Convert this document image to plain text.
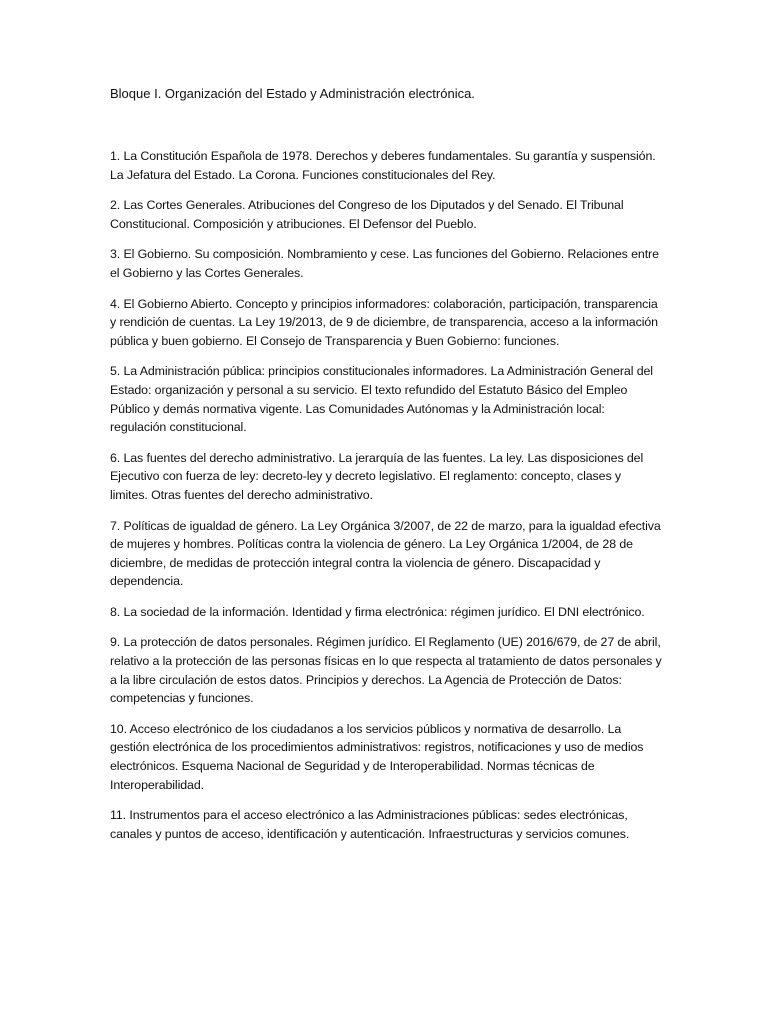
Bloque I. Organización del Estado y Administración electrónica.
1. La Constitución Española de 1978. Derechos y deberes fundamentales. Su garantía y suspensión. La Jefatura del Estado. La Corona. Funciones constitucionales del Rey.
2. Las Cortes Generales. Atribuciones del Congreso de los Diputados y del Senado. El Tribunal Constitucional. Composición y atribuciones. El Defensor del Pueblo.
3. El Gobierno. Su composición. Nombramiento y cese. Las funciones del Gobierno. Relaciones entre el Gobierno y las Cortes Generales.
4. El Gobierno Abierto. Concepto y principios informadores: colaboración, participación, transparencia y rendición de cuentas. La Ley 19/2013, de 9 de diciembre, de transparencia, acceso a la información pública y buen gobierno. El Consejo de Transparencia y Buen Gobierno: funciones.
5. La Administración pública: principios constitucionales informadores. La Administración General del Estado: organización y personal a su servicio. El texto refundido del Estatuto Básico del Empleo Público y demás normativa vigente. Las Comunidades Autónomas y la Administración local: regulación constitucional.
6. Las fuentes del derecho administrativo. La jerarquía de las fuentes. La ley. Las disposiciones del Ejecutivo con fuerza de ley: decreto-ley y decreto legislativo. El reglamento: concepto, clases y limites. Otras fuentes del derecho administrativo.
7. Políticas de igualdad de género. La Ley Orgánica 3/2007, de 22 de marzo, para la igualdad efectiva de mujeres y hombres. Políticas contra la violencia de género. La Ley Orgánica 1/2004, de 28 de diciembre, de medidas de protección integral contra la violencia de género. Discapacidad y dependencia.
8. La sociedad de la información. Identidad y firma electrónica: régimen jurídico. El DNI electrónico.
9. La protección de datos personales. Régimen jurídico. El Reglamento (UE) 2016/679, de 27 de abril, relativo a la protección de las personas físicas en lo que respecta al tratamiento de datos personales y a la libre circulación de estos datos. Principios y derechos. La Agencia de Protección de Datos: competencias y funciones.
10. Acceso electrónico de los ciudadanos a los servicios públicos y normativa de desarrollo. La gestión electrónica de los procedimientos administrativos: registros, notificaciones y uso de medios electrónicos. Esquema Nacional de Seguridad y de Interoperabilidad. Normas técnicas de Interoperabilidad.
11. Instrumentos para el acceso electrónico a las Administraciones públicas: sedes electrónicas, canales y puntos de acceso, identificación y autenticación. Infraestructuras y servicios comunes.
